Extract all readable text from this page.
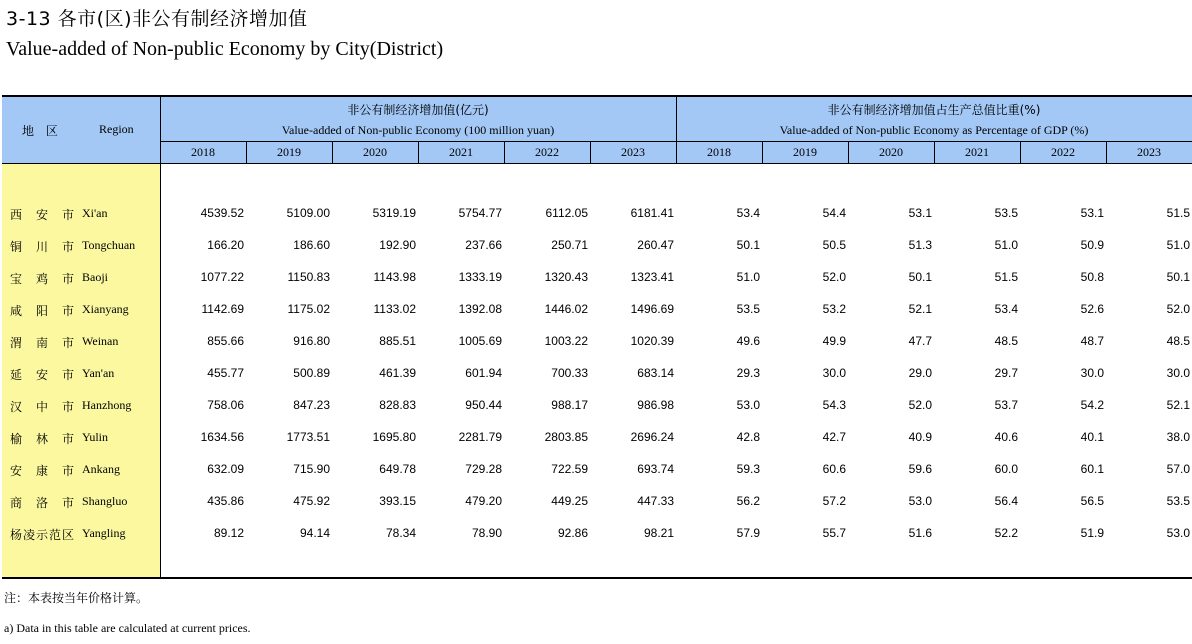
3-13 各市(区)非公有制经济增加值
Value-added of Non-public Economy by City(District)
地 区	Region
非公有制经济增加值(亿元)
Value-added of Non-public Economy (100 million yuan)
非公有制经济增加值占生产总值比重(%)
Value-added of Non-public Economy as Percentage of GDP (%)
2018	2019	2020	2021	2022	2023	2018	2019	2020	2021	2022	2023
西安市 Xi'an	4539.52	5109.00	5319.19	5754.77	6112.05	6181.41	53.4	54.4	53.1	53.5	53.1	51.5
铜川市 Tongchuan	166.20	186.60	192.90	237.66	250.71	260.47	50.1	50.5	51.3	51.0	50.9	51.0
宝鸡市 Baoji	1077.22	1150.83	1143.98	1333.19	1320.43	1323.41	51.0	52.0	50.1	51.5	50.8	50.1
咸阳市 Xianyang	1142.69	1175.02	1133.02	1392.08	1446.02	1496.69	53.5	53.2	52.1	53.4	52.6	52.0
渭南市 Weinan	855.66	916.80	885.51	1005.69	1003.22	1020.39	49.6	49.9	47.7	48.5	48.7	48.5
延安市 Yan'an	455.77	500.89	461.39	601.94	700.33	683.14	29.3	30.0	29.0	29.7	30.0	30.0
汉中市 Hanzhong	758.06	847.23	828.83	950.44	988.17	986.98	53.0	54.3	52.0	53.7	54.2	52.1
榆林市 Yulin	1634.56	1773.51	1695.80	2281.79	2803.85	2696.24	42.8	42.7	40.9	40.6	40.1	38.0
安康市 Ankang	632.09	715.90	649.78	729.28	722.59	693.74	59.3	60.6	59.6	60.0	60.1	57.0
商洛市 Shangluo	435.86	475.92	393.15	479.20	449.25	447.33	56.2	57.2	53.0	56.4	56.5	53.5
杨凌示范区 Yangling	89.12	94.14	78.34	78.90	92.86	98.21	57.9	55.7	51.6	52.2	51.9	53.0
注：本表按当年价格计算。
a) Data in this table are calculated at current prices.
